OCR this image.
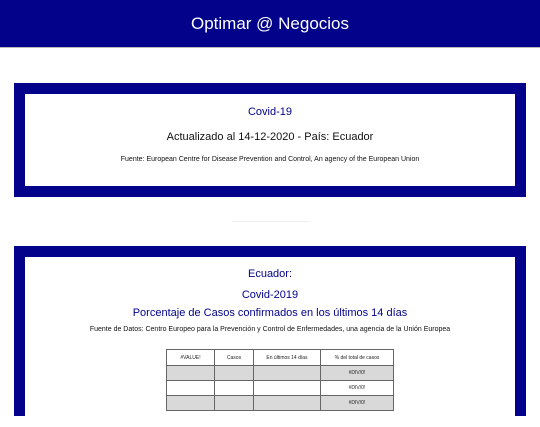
Optimar @ Negocios
Covid-19
Actualizado al 14-12-2020 - País: Ecuador
Fuente: European Centre for Disease Prevention and Control, An agency of the European Union
Ecuador:
Covid-2019
Porcentaje de Casos confirmados en los últimos 14 días
Fuente de Datos: Centro Europeo para la Prevención y Control de Enfermedades, una agencia de la Unión Europea
#VALUE!	Casos	En últimos 14 días	% del total de casos
			#DIV/0!
			#DIV/0!
			#DIV/0!
